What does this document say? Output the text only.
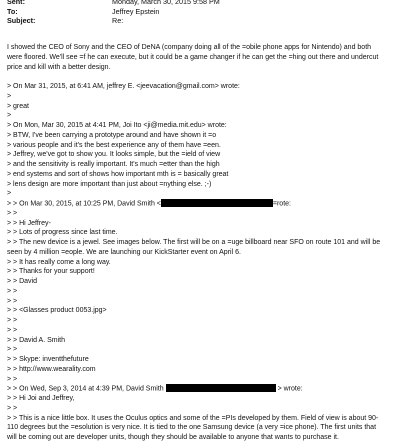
Sent:	Monday, March 30, 2015 9:58 PM
To:	Jeffrey Epstein
Subject:	Re:
I showed the CEO of Sony and the CEO of DeNA (company doing all of the =obile phone apps for Nintendo) and both
were floored. We'll see =f he can execute, but it could be a game changer if he can get the =hing out there and undercut
price and kill with a better design.
> On Mar 31, 2015, at 6:41 AM, jeffrey E. <jeevacation@gmail.com> wrote:
>
> great
>
> On Mon, Mar 30, 2015 at 4:41 PM, Joi Ito <ji@media.mit.edu> wrote:
> BTW, I've been carrying a prototype around and have shown it =o
> various people and it's the best experience any of them have =een.
> Jeffrey, we've got to show you. It looks simple, but the =ield of view
> and the sensitivity is really important. It's much =etter than the high
> end systems and sort of shows how important mth is = basically great
> lens design are more important than just about =nything else. ;-)
>
> > On Mar 30, 2015, at 10:25 PM, David Smith <	=rote:
> >
> > Hi Jeffrey-
> > Lots of progress since last time.
> > The new device is a jewel. See images below. The first will be on a =uge billboard near SFO on route 101 and will be
seen by 4 million =eople. We are launching our KickStarter event on April 6.
> > It has really come a long way.
> > Thanks for your support!
> > David
> >
> >
> > <Glasses product 0053.jpg>
> >
> >
> > David A. Smith
> >
> > Skype: inventthefuture
> > http://www.wearality.com
> >
> > On Wed, Sep 3, 2014 at 4:39 PM, David Smith	> wrote:
> > Hi Joi and Jeffrey,
> >
> > This is a nice little box. It uses the Oculus optics and some of the =PIs developed by them. Field of view is about 90-
110 degrees but the =esolution is very nice. It is tied to the one Samsung device (a very =ice phone). The first units that
will be coming out are developer units, though they should be available to anyone that wants to purchase it.
